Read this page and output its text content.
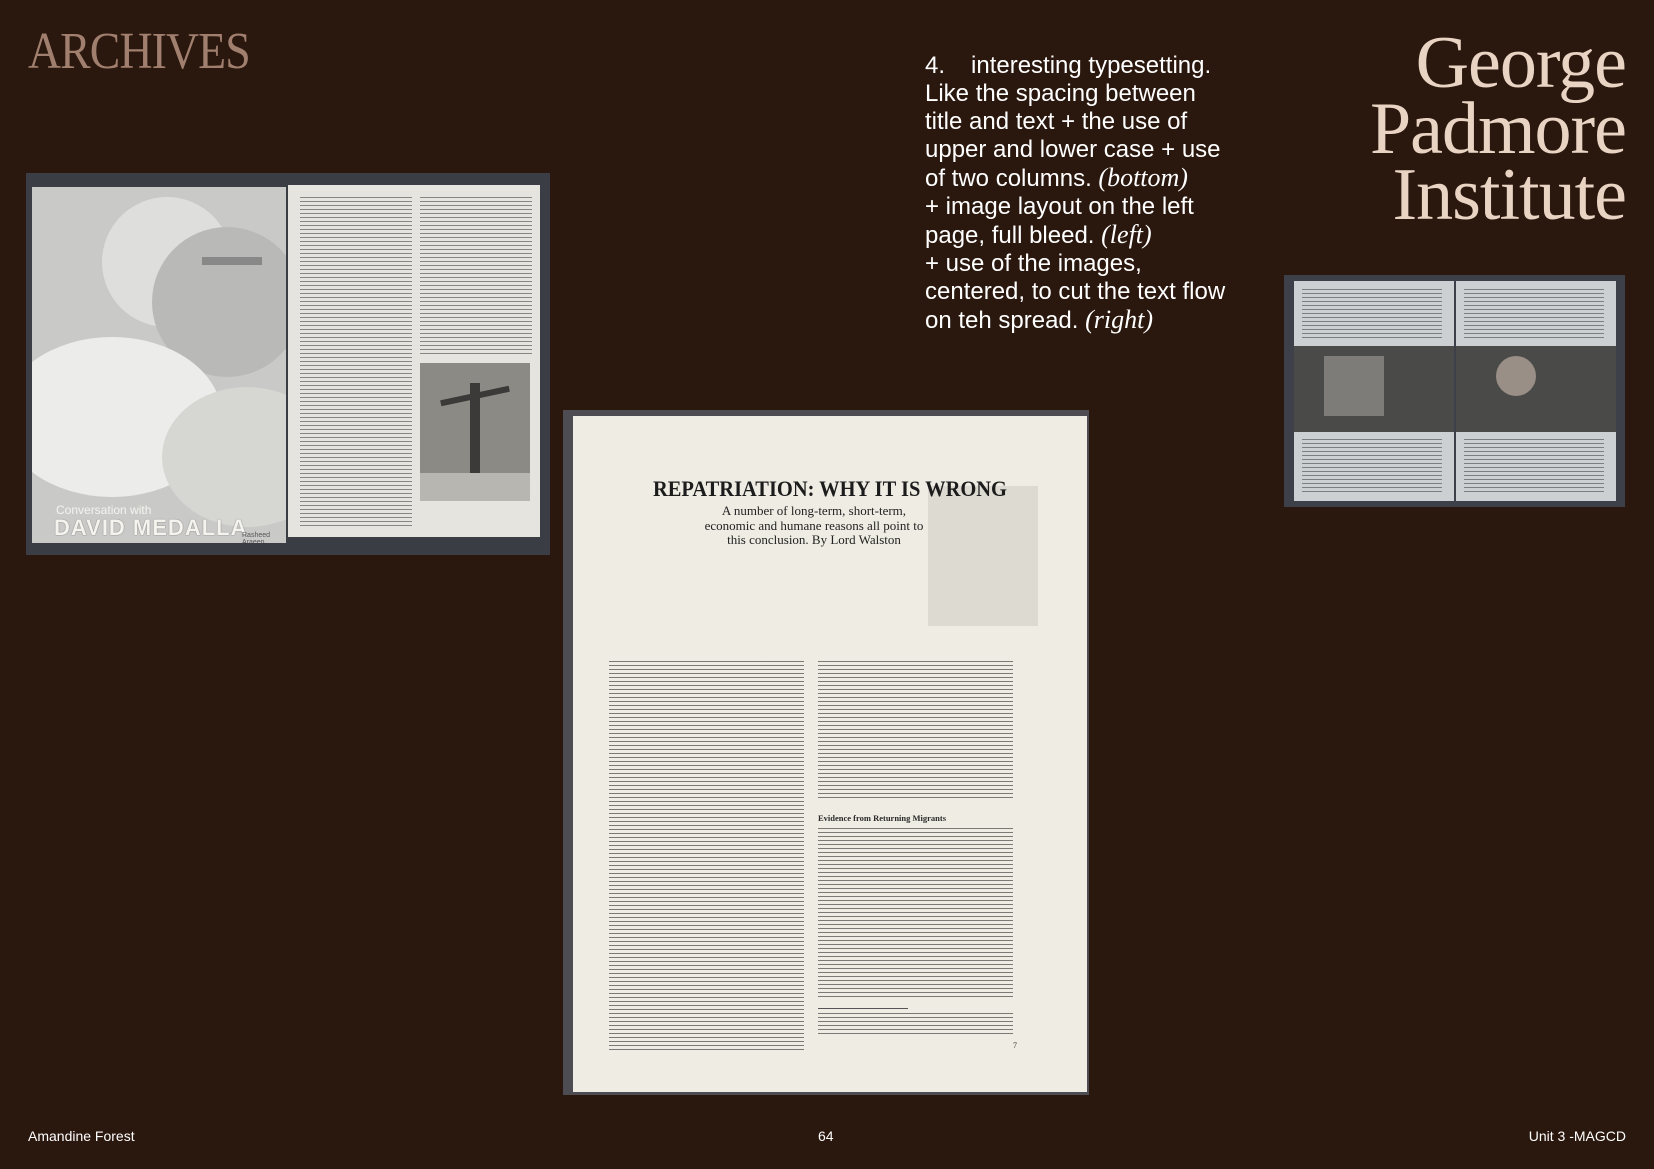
ARCHIVES	George
Padmore
Institute
4. interesting typesetting.
Like the spacing between
title and text + the use of
upper and lower case + use
of two columns. (bottom)
+ image layout on the left
page, full bleed. (left)
+ use of the images,
centered, to cut the text flow
on teh spread. (right)
Conversation with
DAVID MEDALLA
Rasheed Araeen
REPATRIATION: WHY IT IS WRONG

A number of long-term, short-term, economic and humane reasons all point to this conclusion. By Lord Walston

Evidence from Returning Migrants
7
Amandine Forest	64	Unit 3 -MAGCD
